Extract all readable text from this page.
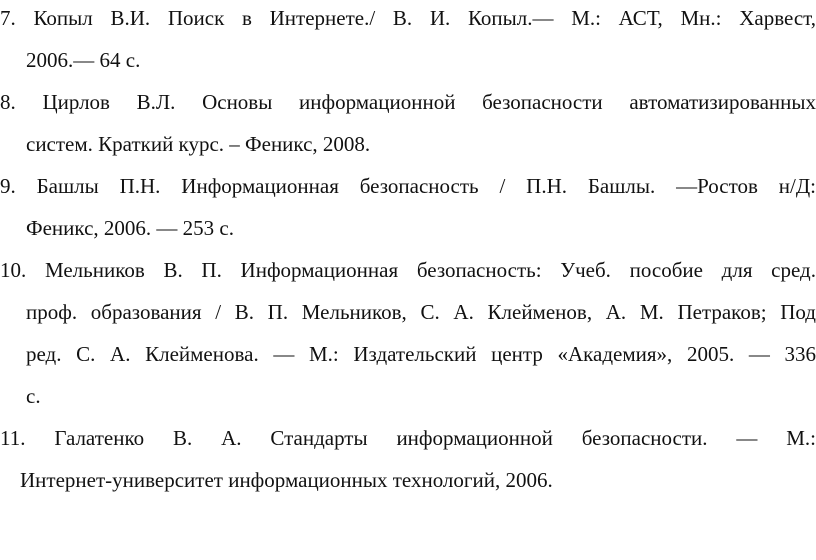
7. Копыл В.И. Поиск в Интернете./ В. И. Копыл.— М.: АСТ, Мн.: Харвест,
2006.— 64 с.
8. Цирлов В.Л. Основы информационной безопасности автоматизированных
систем. Краткий курс. – Феникс, 2008.
9. Башлы П.Н. Информационная безопасность / П.Н. Башлы. —Ростов н/Д:
Феникс, 2006. — 253 с.
10. Мельников В. П. Информационная безопасность: Учеб. пособие для сред.
проф. образования / В. П. Мельников, С. А. Клейменов, А. М. Петраков; Под
ред. С. А. Клейменова. — М.: Издательский центр «Академия», 2005. — 336
с.
11. Галатенко В. А. Стандарты информационной безопасности. — М.:
Интернет-университет информационных технологий, 2006.
